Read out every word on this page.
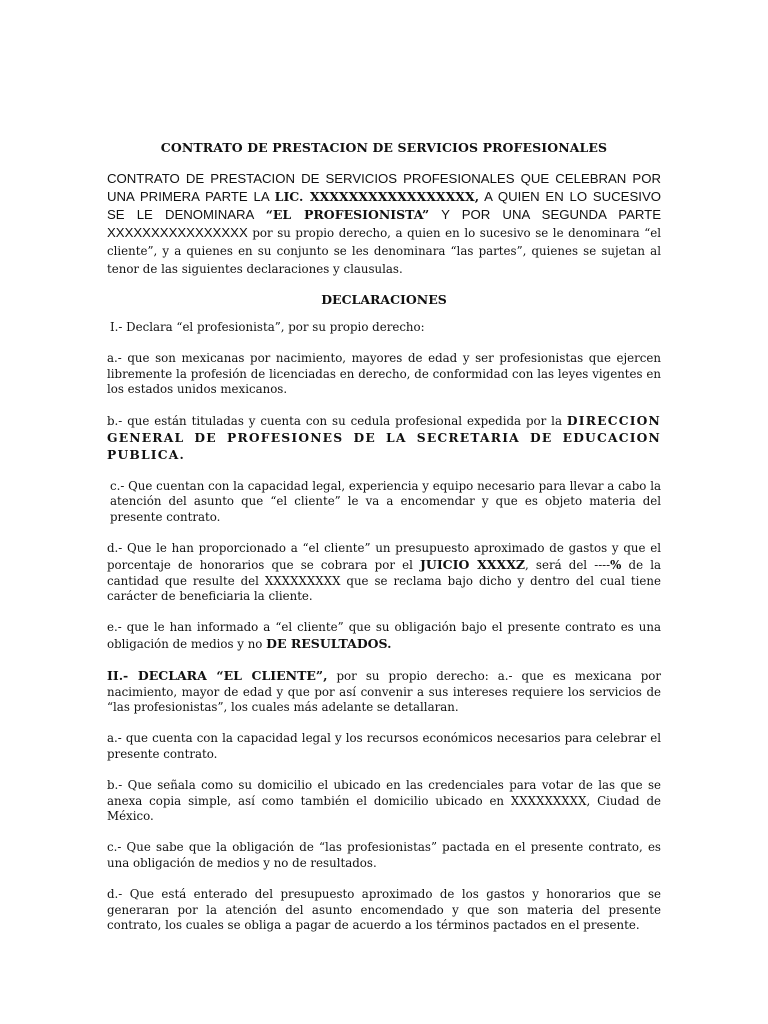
CONTRATO DE PRESTACION DE SERVICIOS PROFESIONALES

CONTRATO DE PRESTACION DE SERVICIOS PROFESIONALES QUE CELEBRAN POR UNA PRIMERA PARTE LA LIC. XXXXXXXXXXXXXXXXX, A QUIEN EN LO SUCESIVO SE LE DENOMINARA “EL PROFESIONISTA” Y POR UNA SEGUNDA PARTE XXXXXXXXXXXXXXXX por su propio derecho, a quien en lo sucesivo se le denominara “el cliente”, y a quienes en su conjunto se les denominara “las partes”, quienes se sujetan al tenor de las siguientes declaraciones y clausulas.

DECLARACIONES

I.- Declara “el profesionista”, por su propio derecho:

a.- que son mexicanas por nacimiento, mayores de edad y ser profesionistas que ejercen libremente la profesión de licenciadas en derecho, de conformidad con las leyes vigentes en los estados unidos mexicanos.

b.- que están tituladas y cuenta con su cedula profesional expedida por la DIRECCION GENERAL DE PROFESIONES DE LA SECRETARIA DE EDUCACION PUBLICA.

c.- Que cuentan con la capacidad legal, experiencia y equipo necesario para llevar a cabo la atención del asunto que “el cliente” le va a encomendar y que es objeto materia del presente contrato.

d.- Que le han proporcionado a “el cliente” un presupuesto aproximado de gastos y que el porcentaje de honorarios que se cobrara por el JUICIO XXXXZ, será del ----% de la cantidad que resulte del XXXXXXXXX que se reclama bajo dicho y dentro del cual tiene carácter de beneficiaria la cliente.

e.- que le han informado a “el cliente” que su obligación bajo el presente contrato es una obligación de medios y no DE RESULTADOS.

II.- DECLARA “EL CLIENTE”, por su propio derecho: a.- que es mexicana por nacimiento, mayor de edad y que por así convenir a sus intereses requiere los servicios de “las profesionistas”, los cuales más adelante se detallaran.

a.- que cuenta con la capacidad legal y los recursos económicos necesarios para celebrar el presente contrato.

b.- Que señala como su domicilio el ubicado en las credenciales para votar de las que se anexa copia simple, así como también el domicilio ubicado en XXXXXXXXX, Ciudad de México.

c.- Que sabe que la obligación de “las profesionistas” pactada en el presente contrato, es una obligación de medios y no de resultados.

d.- Que está enterado del presupuesto aproximado de los gastos y honorarios que se generaran por la atención del asunto encomendado y que son materia del presente contrato, los cuales se obliga a pagar de acuerdo a los términos pactados en el presente.
